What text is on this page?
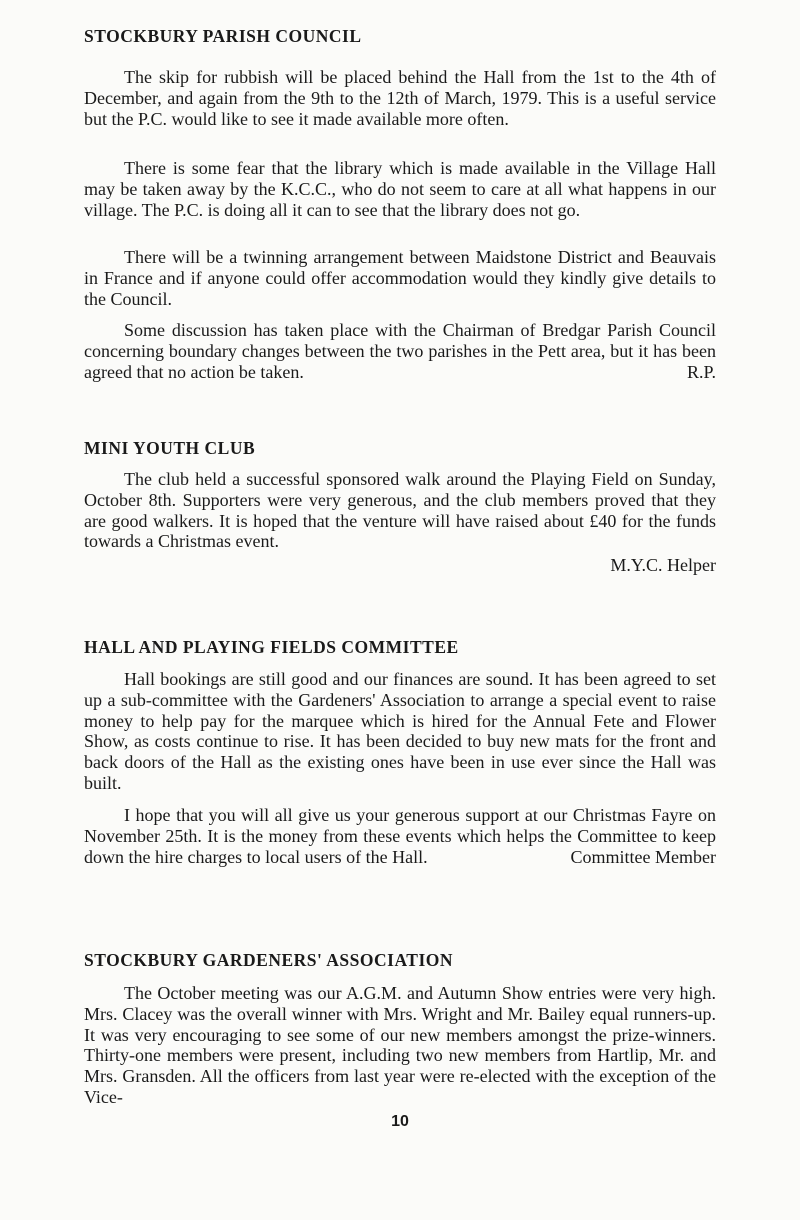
STOCKBURY PARISH COUNCIL

The skip for rubbish will be placed behind the Hall from the 1st to the 4th of December, and again from the 9th to the 12th of March, 1979. This is a useful service but the P.C. would like to see it made available more often.

There is some fear that the library which is made available in the Village Hall may be taken away by the K.C.C., who do not seem to care at all what happens in our village. The P.C. is doing all it can to see that the library does not go.

There will be a twinning arrangement between Maidstone District and Beauvais in France and if anyone could offer accommodation would they kindly give details to the Council.

Some discussion has taken place with the Chairman of Bredgar Parish Council concerning boundary changes between the two parishes in the Pett area, but it has been agreed that no action be taken.	R.P.

MINI YOUTH CLUB

The club held a successful sponsored walk around the Playing Field on Sunday, October 8th. Supporters were very generous, and the club members proved that they are good walkers. It is hoped that the venture will have raised about £40 for the funds towards a Christmas event.

M.Y.C. Helper
HALL AND PLAYING FIELDS COMMITTEE

Hall bookings are still good and our finances are sound. It has been agreed to set up a sub-committee with the Gardeners' Association to arrange a special event to raise money to help pay for the marquee which is hired for the Annual Fete and Flower Show, as costs continue to rise. It has been decided to buy new mats for the front and back doors of the Hall as the existing ones have been in use ever since the Hall was built.

I hope that you will all give us your generous support at our Christmas Fayre on November 25th. It is the money from these events which helps the Committee to keep down the hire charges to local users of the Hall.	Committee Member

STOCKBURY GARDENERS' ASSOCIATION

The October meeting was our A.G.M. and Autumn Show entries were very high. Mrs. Clacey was the overall winner with Mrs. Wright and Mr. Bailey equal runners-up. It was very encouraging to see some of our new members amongst the prize-winners. Thirty-one members were present, including two new members from Hartlip, Mr. and Mrs. Gransden. All the officers from last year were re-elected with the exception of the Vice-

10
